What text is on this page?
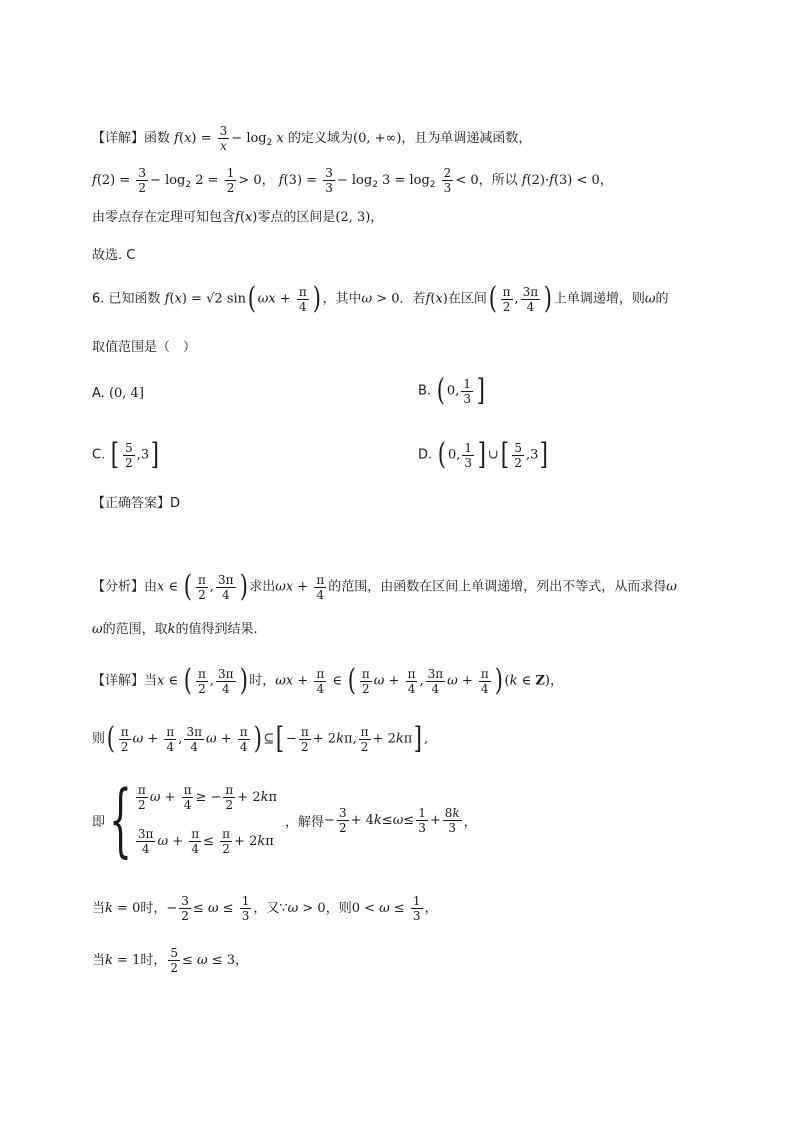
【详解】函数 $f(x) = \frac{3}{x} - \log_2 x$ 的定义域为(0, +∞)，且为单调递减函数，
$f(2) = \frac{3}{2} - \log_2 2 = \frac{1}{2} > 0$， $f(3) = \frac{3}{3} - \log_2 3 = \log_2 \frac{2}{3} < 0$，所以 f(2)·f(3) < 0，
由零点存在定理可知包含f(x)零点的区间是(2, 3)，
故选. C
6. 已知函数 f(x) = √2 sin( $\omega x + \frac{\pi}{4}$ ) ，其中ω > 0．若f(x)在区间( $\frac{\pi}{2}$ , $\frac{3\pi}{4}$ ) 上单调递增，则ω的
取值范围是（　）
A. (0, 4]	B. ( 0, $\frac{1}{3}$ ]
C. [ $\frac{5}{2} ,3$]	D. ( 0, $\frac{1}{3}$ ] ∪[ $\frac{5}{2} ,3$]
【正确答案】D
【分析】由x ∈ ( $\frac{\pi}{2}$ , $\frac{3\pi}{4}$ ) 求出$\omega x + \frac{\pi}{4}$ 的范围，由函数在区间上单调递增，列出不等式，从而求得ω
ω的范围，取k的值得到结果.
【详解】当x ∈ ( $\frac{\pi}{2}$ , $\frac{3\pi}{4}$ ) 时，$\omega x + \frac{\pi}{4}$ ∈ ( $\frac{\pi}{2}$ $\omega + \frac{\pi}{4}$ , $\frac{3\pi}{4}$ $\omega + \frac{\pi}{4}$ ) (k ∈ Z)，
则( $\frac{\pi}{2}$ $\omega + \frac{\pi}{4}$ , $\frac{3\pi}{4}$ $\omega + \frac{\pi}{4}$ ) ⊆[ − $\frac{\pi}{2} + 2k\pi$, $\frac{\pi}{2} + 2k\pi$] ,
即 { $\frac{\pi}{2}$ $\omega + \frac{\pi}{4}$ ≥ − $\frac{\pi}{2} + 2k\pi$
$\frac{3\pi}{4}$ $\omega + \frac{\pi}{4} \le \frac{\pi}{2} + 2k\pi$
，解得 − $\frac{3}{2} + 4$ $k \le \omega \le \frac{1}{3} + \frac{8k}{3}$ ，
当k = 0时，− $\frac{3}{2} \le \omega \le \frac{1}{3}$ ，又∵ω > 0，则$0 < \omega \le \frac{1}{3}$ ，
当k = 1时， $\frac{5}{2} \le \omega \le 3$，
